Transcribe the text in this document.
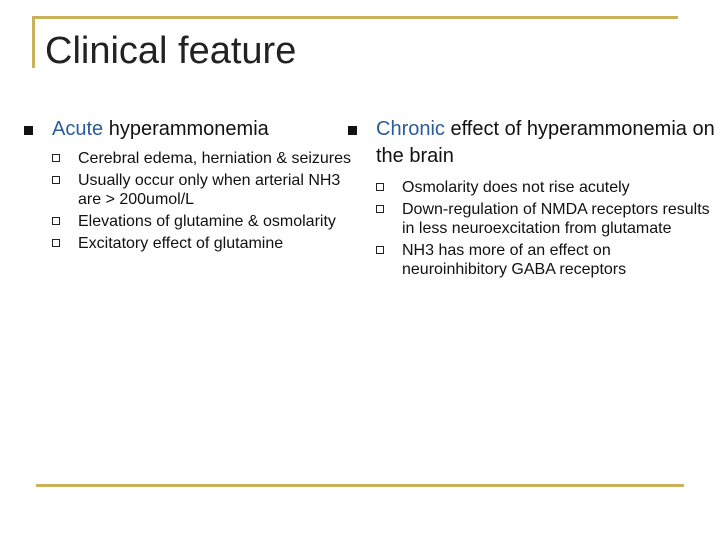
Clinical feature
Acute hyperammonemia
Cerebral edema, herniation & seizures
Usually occur only when arterial NH3 are > 200umol/L
Elevations of glutamine & osmolarity
Excitatory effect of glutamine
Chronic effect of hyperammonemia on the brain
Osmolarity does not rise acutely
Down-regulation of NMDA receptors results in less neuroexcitation from glutamate
NH3 has more of an effect on neuroinhibitory GABA receptors
